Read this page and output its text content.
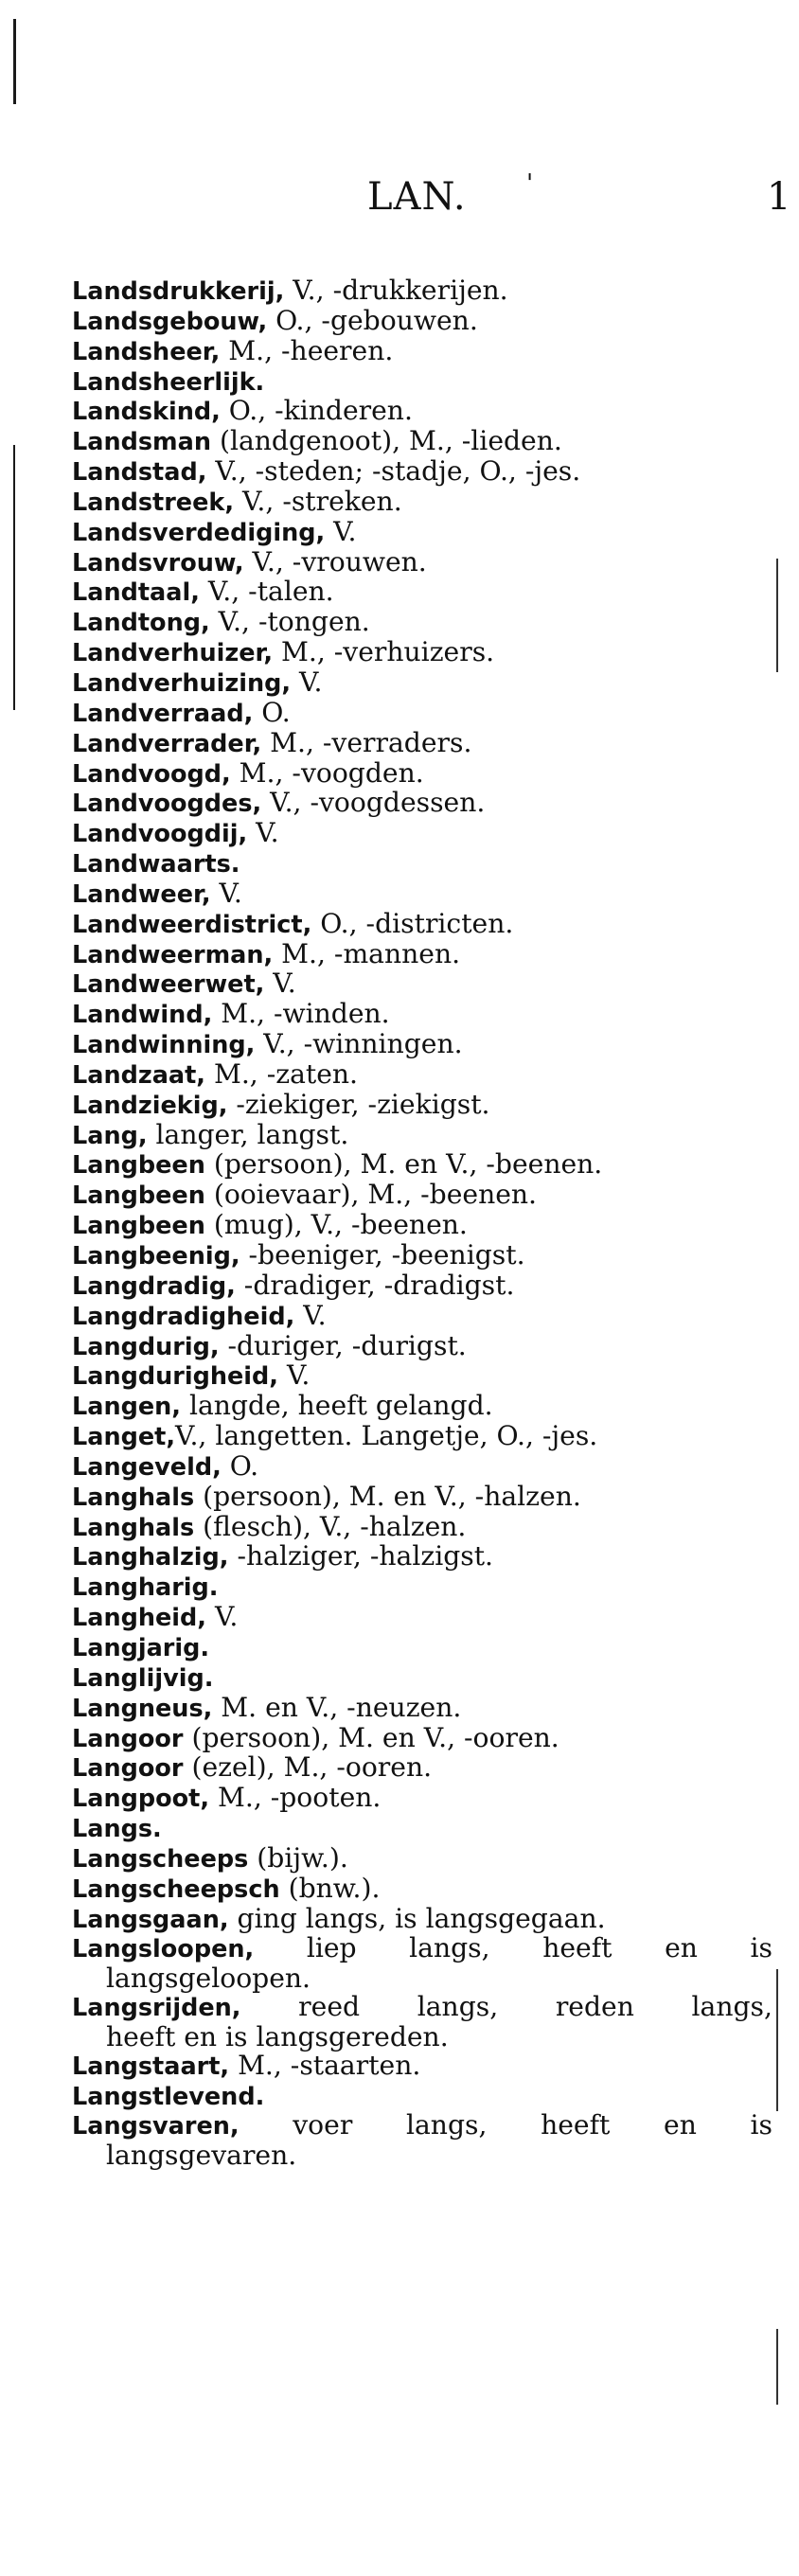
LAN. '	1
Landsdrukkerij, V., -drukkerijen.
Landsgebouw, O., -gebouwen.
Landsheer, M., -heeren.
Landsheerlijk.
Landskind, O., -kinderen.
Landsman (landgenoot), M., -lieden.
Landstad, V., -steden; -stadje, O., -jes.
Landstreek, V., -streken.
Landsverdediging, V.
Landsvrouw, V., -vrouwen.
Landtaal, V., -talen.
Landtong, V., -tongen.
Landverhuizer, M., -verhuizers.
Landverhuizing, V.
Landverraad, O.
Landverrader, M., -verraders.
Landvoogd, M., -voogden.
Landvoogdes, V., -voogdessen.
Landvoogdij, V.
Landwaarts.
Landweer, V.
Landweerdistrict, O., -districten.
Landweerman, M., -mannen.
Landweerwet, V.
Landwind, M., -winden.
Landwinning, V., -winningen.
Landzaat, M., -zaten.
Landziekig, -ziekiger, -ziekigst.
Lang, langer, langst.
Langbeen (persoon), M. en V., -beenen.
Langbeen (ooievaar), M., -beenen.
Langbeen (mug), V., -beenen.
Langbeenig, -beeniger, -beenigst.
Langdradig, -dradiger, -dradigst.
Langdradigheid, V.
Langdurig, -duriger, -durigst.
Langdurigheid, V.
Langen, langde, heeft gelangd.
Langet,V., langetten. Langetje, O., -jes.
Langeveld, O.
Langhals (persoon), M. en V., -halzen.
Langhals (flesch), V., -halzen.
Langhalzig, -halziger, -halzigst.
Langharig.
Langheid, V.
Langjarig.
Langlijvig.
Langneus, M. en V., -neuzen.
Langoor (persoon), M. en V., -ooren.
Langoor (ezel), M., -ooren.
Langpoot, M., -pooten.
Langs.
Langscheeps (bijw.).
Langscheepsch (bnw.).
Langsgaan, ging langs, is langsgegaan.
Langsloopen, liep langs, heeft en is
langsgeloopen.
Langsrijden, reed langs, reden langs,
heeft en is langsgereden.
Langstaart, M., -staarten.
Langstlevend.
Langsvaren, voer langs, heeft en is
langsgevaren.
